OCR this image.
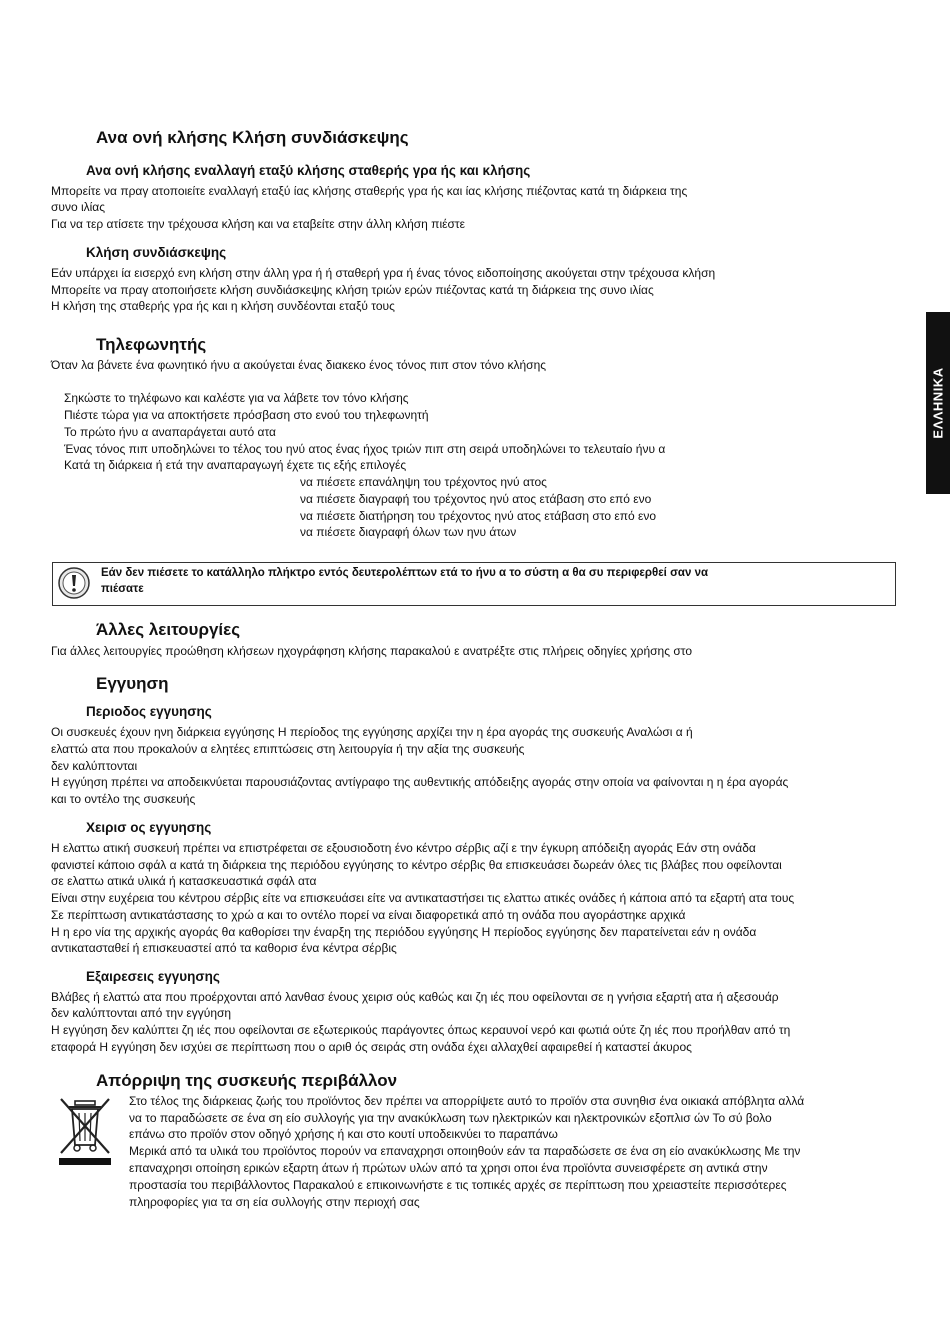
ΕΛΛΗΝΙΚΑ
Ανα ονή κλήσης Κλήση συνδιάσκεψης
Ανα ονή κλήσης εναλλαγή εταξύ κλήσης σταθερής γρα ής και κλήσης
Μπορείτε να πραγ ατοποιείτε εναλλαγή εταξύ ίας κλήσης σταθερής γρα ής και ίας κλήσης πιέζοντας κατά τη διάρκεια της
συνο ιλίας
Για να τερ ατίσετε την τρέχουσα κλήση και να εταβείτε στην άλλη κλήση πιέστε
Κλήση συνδιάσκεψης
Εάν υπάρχει ία εισερχό ενη κλήση στην άλλη γρα ή ή σταθερή γρα ή ένας τόνος ειδοποίησης ακούγεται στην τρέχουσα κλήση
Μπορείτε να πραγ ατοποιήσετε κλήση συνδιάσκεψης κλήση τριών ερών πιέζοντας κατά τη διάρκεια της συνο ιλίας
Η κλήση της σταθερής γρα ής και η κλήση συνδέονται εταξύ τους
Τηλεφωνητής
Όταν λα βάνετε ένα φωνητικό ήνυ α ακούγεται ένας διακεκο ένος τόνος πιπ στον τόνο κλήσης
Σηκώστε το τηλέφωνο και καλέστε για να λάβετε τον τόνο κλήσης
Πιέστε τώρα για να αποκτήσετε πρόσβαση στο ενού του τηλεφωνητή
Το πρώτο ήνυ α αναπαράγεται αυτό ατα
Ένας τόνος πιπ υποδηλώνει το τέλος του ηνύ ατος ένας ήχος τριών πιπ στη σειρά υποδηλώνει το τελευταίο ήνυ α
Κατά τη διάρκεια ή ετά την αναπαραγωγή έχετε τις εξής επιλογές
να πιέσετε επανάληψη του τρέχοντος ηνύ ατος
να πιέσετε διαγραφή του τρέχοντος ηνύ ατος ετάβαση στο επό ενο
να πιέσετε διατήρηση του τρέχοντος ηνύ ατος ετάβαση στο επό ενο
να πιέσετε διαγραφή όλων των ηνυ άτων
Εάν δεν πιέσετε το κατάλληλο πλήκτρο εντός δευτερολέπτων ετά το ήνυ α το σύστη α θα συ περιφερθεί σαν να
πιέσατε
Άλλες λειτουργίες
Για άλλες λειτουργίες προώθηση κλήσεων ηχογράφηση κλήσης παρακαλού ε ανατρέξτε στις πλήρεις οδηγίες χρήσης στο
Εγγυηση
Περιοδος εγγυησης
Οι συσκευές έχουν ηνη διάρκεια εγγύησης Η περίοδος της εγγύησης αρχίζει την η έρα αγοράς της συσκευής Αναλώσι α ή
ελαττώ ατα που προκαλούν α ελητέες επιπτώσεις στη λειτουργία ή την αξία της συσκευής
δεν καλύπτονται
Η εγγύηση πρέπει να αποδεικνύεται παρουσιάζοντας αντίγραφο της αυθεντικής απόδειξης αγοράς στην οποία να φαίνονται η η έρα αγοράς
και το οντέλο της συσκευής
Χειρισ ος εγγυησης
Η ελαττω ατική συσκευή πρέπει να επιστρέφεται σε εξουσιοδοτη ένο κέντρο σέρβις αζί ε την έγκυρη απόδειξη αγοράς Εάν στη ονάδα
φανιστεί κάποιο σφάλ α κατά τη διάρκεια της περιόδου εγγύησης το κέντρο σέρβις θα επισκευάσει δωρεάν όλες τις βλάβες που οφείλονται
σε ελαττω ατικά υλικά ή κατασκευαστικά σφάλ ατα
Είναι στην ευχέρεια του κέντρου σέρβις είτε να επισκευάσει είτε να αντικαταστήσει τις ελαττω ατικές ονάδες ή κάποια από τα εξαρτή ατα τους
Σε περίπτωση αντικατάστασης το χρώ α και το οντέλο πορεί να είναι διαφορετικά από τη ονάδα που αγοράστηκε αρχικά
Η η ερο νία της αρχικής αγοράς θα καθορίσει την έναρξη της περιόδου εγγύησης Η περίοδος εγγύησης δεν παρατείνεται εάν η ονάδα
αντικατασταθεί ή επισκευαστεί από τα καθορισ ένα κέντρα σέρβις
Εξαιρεσεις εγγυησης
Βλάβες ή ελαττώ ατα που προέρχονται από λανθασ ένους χειρισ ούς καθώς και ζη ιές που οφείλονται σε η γνήσια εξαρτή ατα ή αξεσουάρ
δεν καλύπτονται από την εγγύηση
Η εγγύηση δεν καλύπτει ζη ιές που οφείλονται σε εξωτερικούς παράγοντες όπως κεραυνοί νερό και φωτιά ούτε ζη ιές που προήλθαν από τη
εταφορά Η εγγύηση δεν ισχύει σε περίπτωση που ο αριθ ός σειράς στη ονάδα έχει αλλαχθεί αφαιρεθεί ή καταστεί άκυρος
Απόρριψη της συσκευής περιβάλλον
Στο τέλος της διάρκειας ζωής του προϊόντος δεν πρέπει να απορρίψετε αυτό το προϊόν στα συνηθισ ένα οικιακά απόβλητα αλλά
να το παραδώσετε σε ένα ση είο συλλογής για την ανακύκλωση των ηλεκτρικών και ηλεκτρονικών εξοπλισ ών Το σύ βολο
επάνω στο προϊόν στον οδηγό χρήσης ή και στο κουτί υποδεικνύει το παραπάνω
Μερικά από τα υλικά του προϊόντος πορούν να επαναχρησι οποιηθούν εάν τα παραδώσετε σε ένα ση είο ανακύκλωσης Με την
επαναχρησι οποίηση ερικών εξαρτη άτων ή πρώτων υλών από τα χρησι οποι ένα προϊόντα συνεισφέρετε ση αντικά στην
προστασία του περιβάλλοντος Παρακαλού ε επικοινωνήστε ε τις τοπικές αρχές σε περίπτωση που χρειαστείτε περισσότερες
πληροφορίες για τα ση εία συλλογής στην περιοχή σας
